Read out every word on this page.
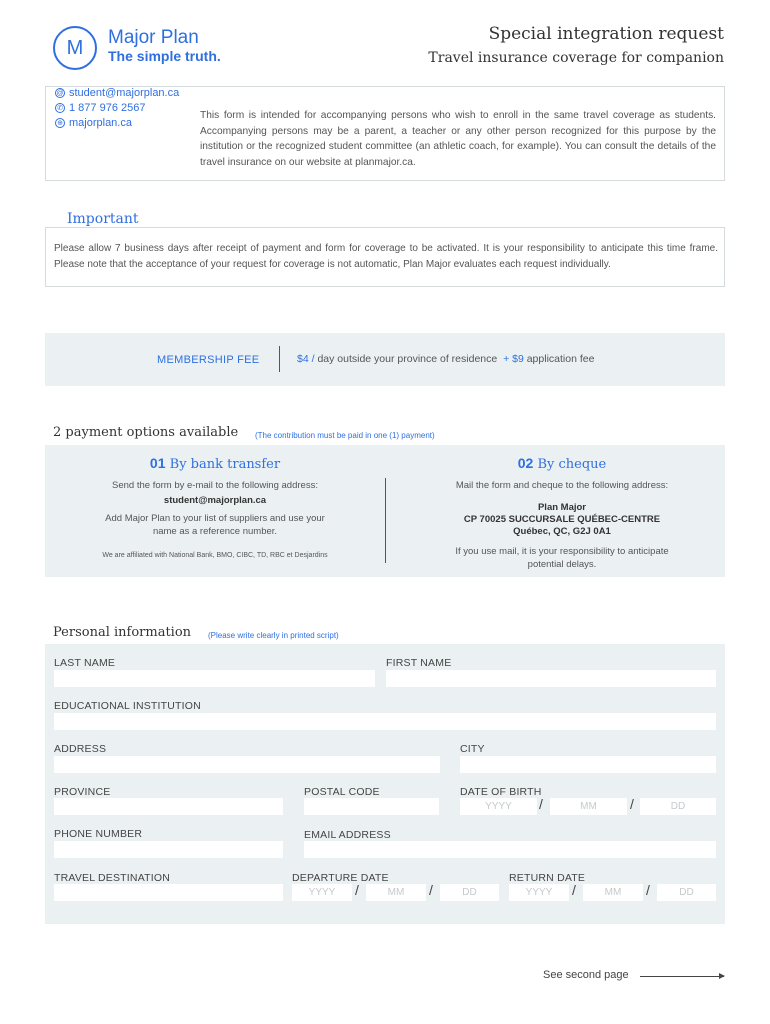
M Major Plan
The simple truth.
Special integration request
Travel insurance coverage for companion
@ student@majorplan.ca
✆ 1 877 976 2567
⊕ majorplan.ca
This form is intended for accompanying persons who wish to enroll in the same travel coverage as students. Accompanying persons may be a parent, a teacher or any other person recognized for this purpose by the institution or the recognized student committee (an athletic coach, for example). You can consult the details of the travel insurance on our website at planmajor.ca.
Important
Please allow 7 business days after receipt of payment and form for coverage to be activated. It is your responsibility to anticipate this time frame. Please note that the acceptance of your request for coverage is not automatic, Plan Major evaluates each request individually.
MEMBERSHIP FEE	$4 / day outside your province of residence + $9 application fee
2 payment options available (The contribution must be paid in one (1) payment)
01 By bank transfer
Send the form by e-mail to the following address:
student@majorplan.ca
Add Major Plan to your list of suppliers and use your
name as a reference number.
We are affiliated with National Bank, BMO, CIBC, TD, RBC et Desjardins
02 By cheque
Mail the form and cheque to the following address:
Plan Major
CP 70025 SUCCURSALE QUÉBEC-CENTRE
Québec, QC, G2J 0A1
If you use mail, it is your responsibility to anticipate
potential delays.
Personal information (Please write clearly in printed script)
LAST NAME	FIRST NAME
EDUCATIONAL INSTITUTION
ADDRESS	CITY
PROVINCE	POSTAL CODE	DATE OF BIRTH
YYYY	/	MM	/	DD
PHONE NUMBER	EMAIL ADDRESS
TRAVEL DESTINATION	DEPARTURE DATE
YYYY	/	MM	/	DD
RETURN DATE
YYYY	/	MM	/	DD
See second page
